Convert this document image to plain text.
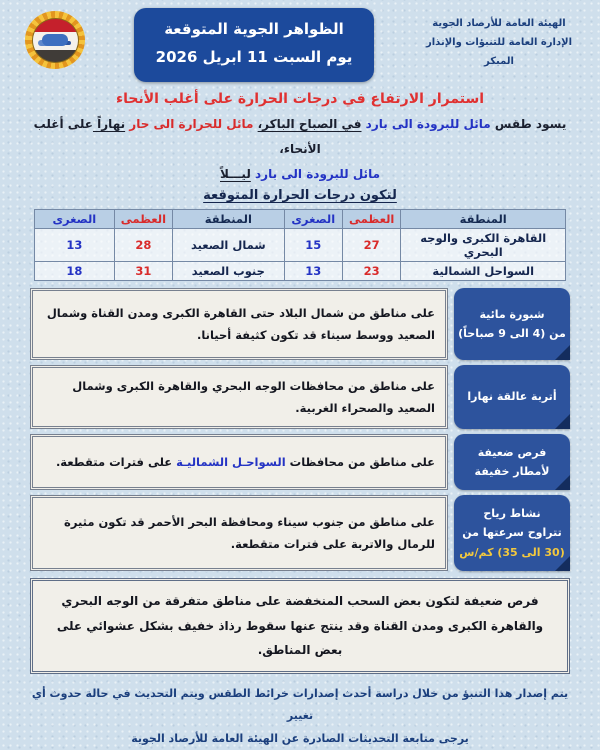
الهيئة العامة للأرصاد الجوية
الإدارة العامة للتنبؤات والإنذار المبكر
الظواهر الجوية المتوقعة
يوم السبت 11 ابريل 2026
استمرار الارتفاع في درجات الحرارة على أغلب الأنحاء
يسود طقس مائل للبرودة الى بارد في الصباح الباكر، مائل للحرارة الى حار نهاراً على أغلب الأنحاء،
مائل للبرودة الى بارد ليـــلاً
لتكون درجات الحرارة المتوقعة
المنطقة	العظمى	الصغرى	المنطقة	العظمى	الصغرى
القاهرة الكبرى والوجه البحري	27	15	شمال الصعيد	28	13
السواحل الشمالية	23	13	جنوب الصعيد	31	18
شبورة مائية
من (4 الى 9 صباحاً)
على مناطق من شمال البلاد حتى القاهرة الكبرى ومدن القناة وشمال الصعيد ووسط سيناء قد تكون كثيفة أحيانا.
أتربة عالقة نهارا
على مناطق من محافظات الوجه البحري والقاهرة الكبرى وشمال الصعيد والصحراء الغربية.
فرص ضعيفة
لأمطار خفيفة
على مناطق من محافظات السواحـل الشماليـة على فترات متقطعة.
نشاط رياح
تتراوح سرعتها من
(30 الى 35) كم/س
على مناطق من جنوب سيناء ومحافظة البحر الأحمر قد تكون مثيرة للرمال والاتربة على فترات متقطعة.
فرص ضعيفة لتكون بعض السحب المنخفضة على مناطق متفرقة من الوجه البحري والقاهرة الكبرى ومدن القناة وقد ينتج عنها سقوط رذاذ خفيف بشكل عشوائي على بعض المناطق.
يتم إصدار هذا التنبؤ من خلال دراسة أحدث إصدارات خرائط الطقس ويتم التحديث في حالة حدوث أي تغيير
يرجى متابعة التحديثات الصادرة عن الهيئة العامة للأرصاد الجوية
